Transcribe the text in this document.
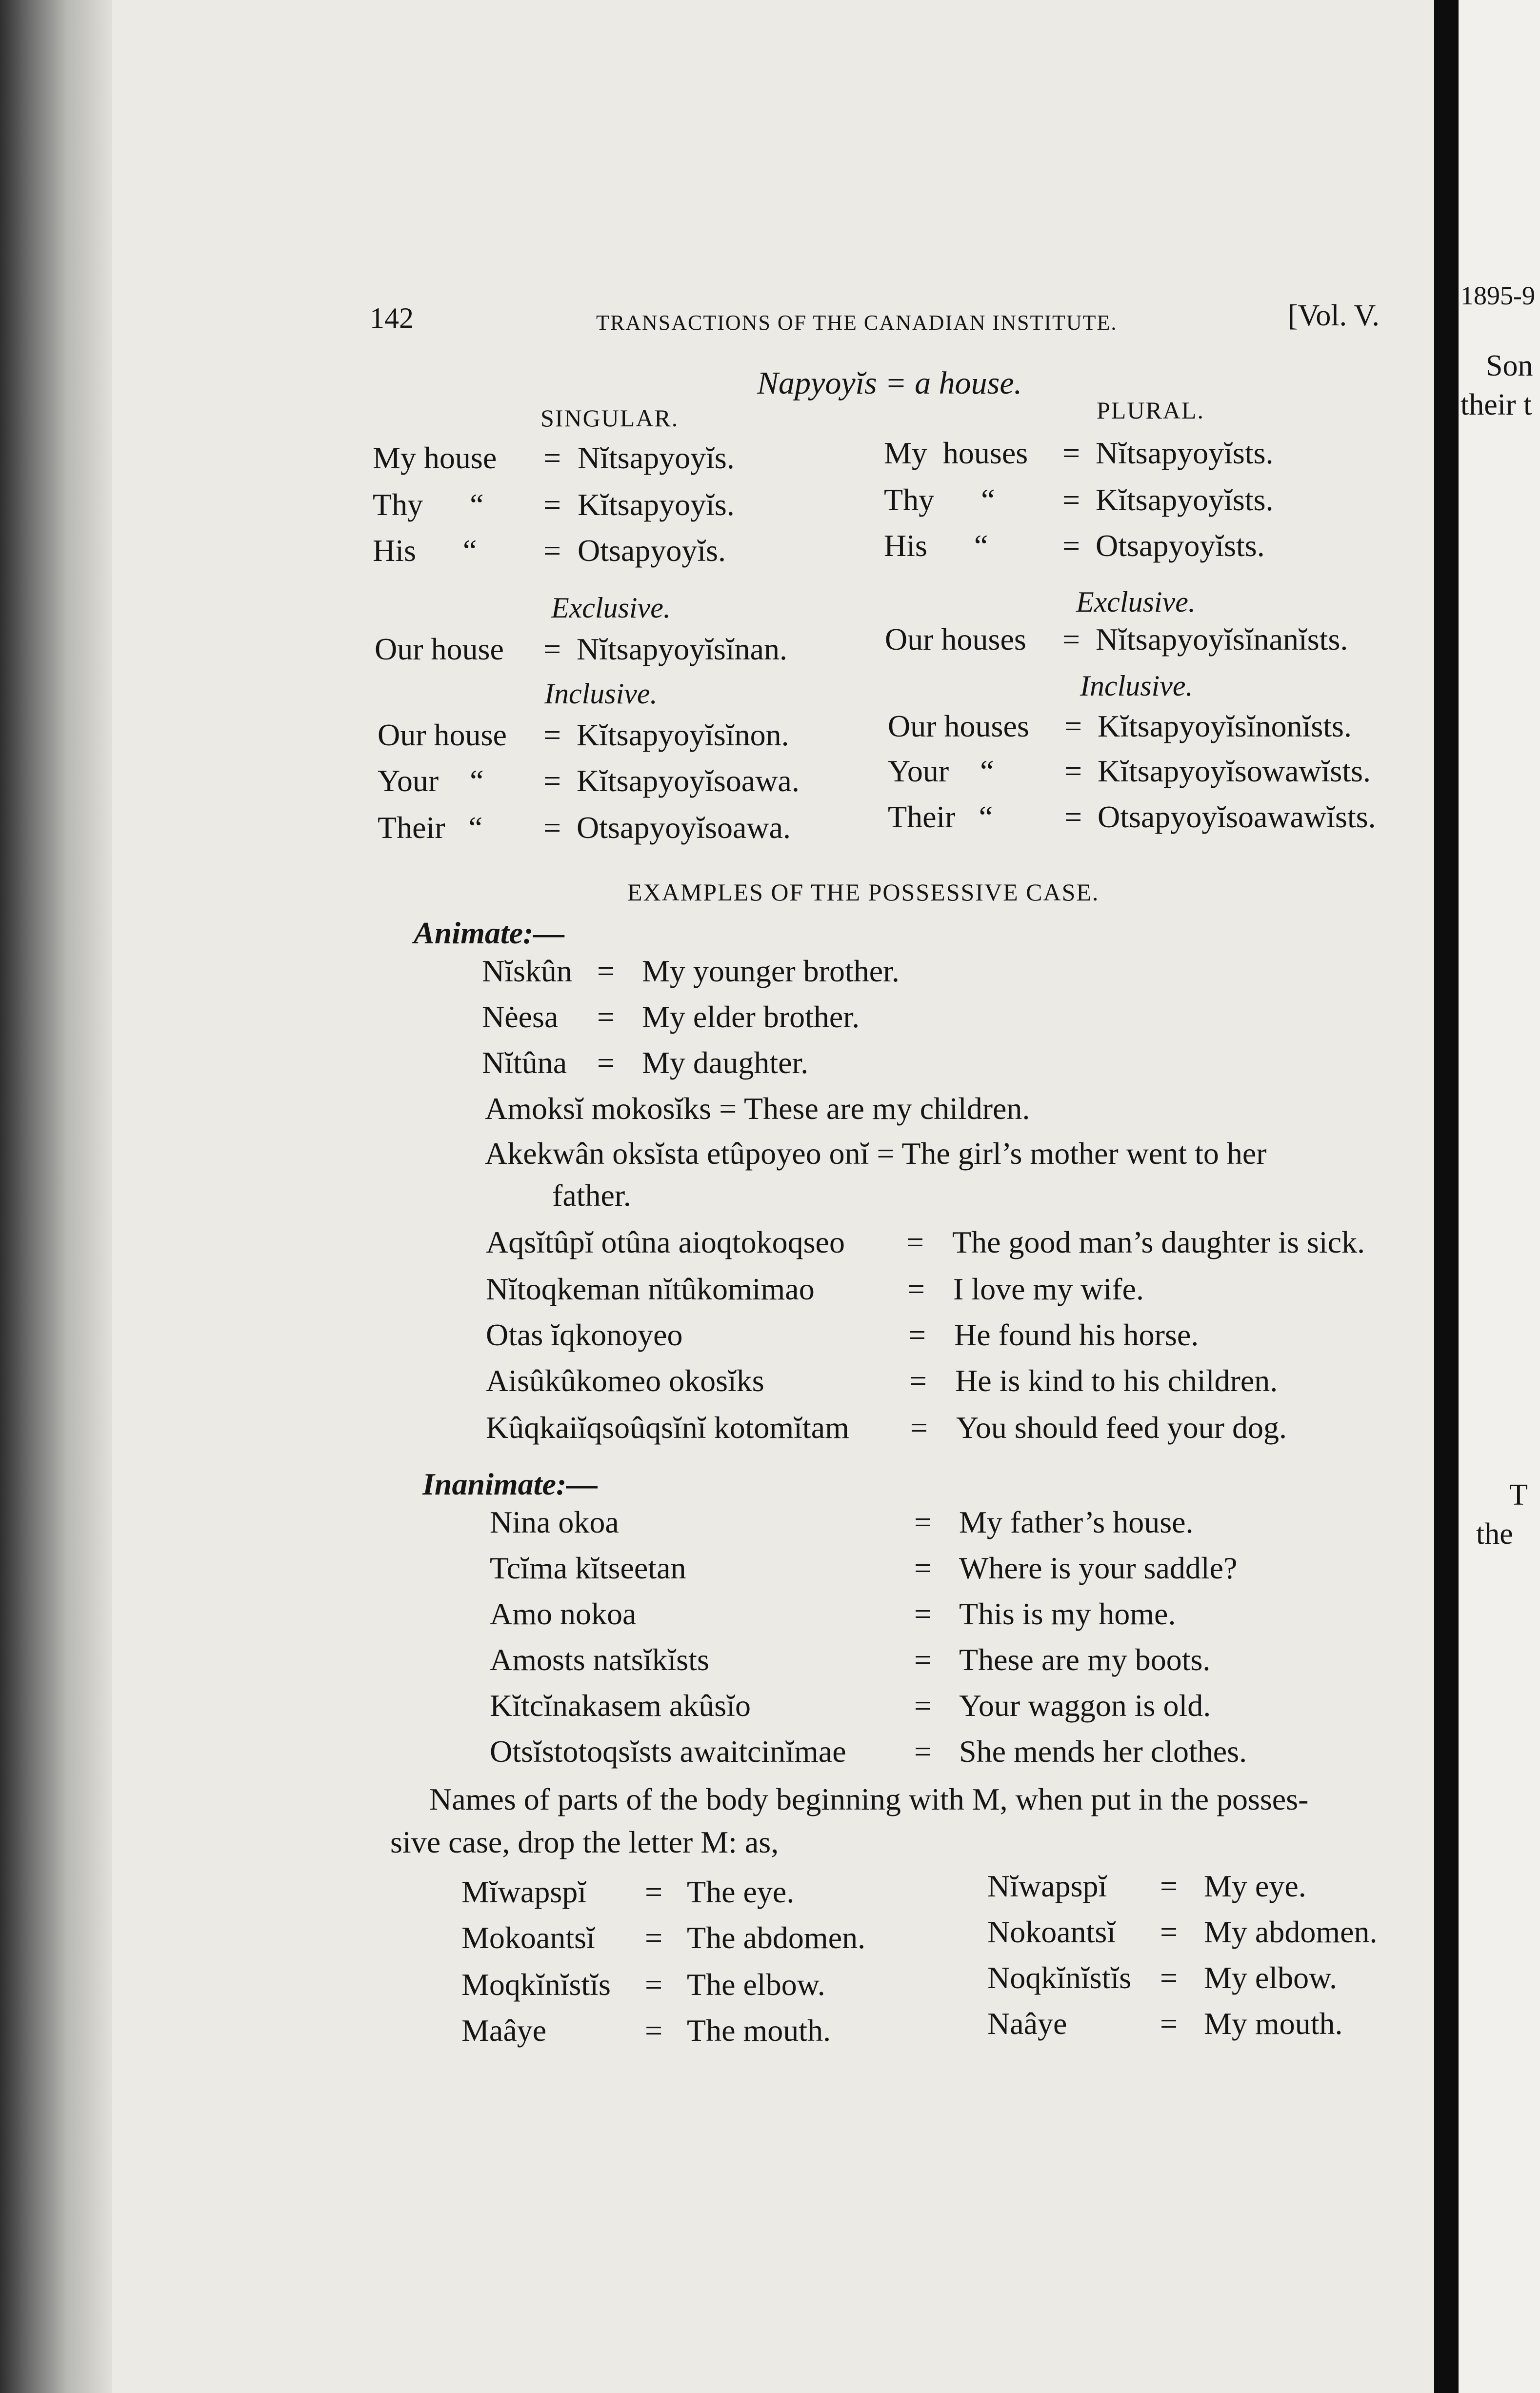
1895-9
Son
their t
T
the
142	TRANSACTIONS OF THE CANADIAN INSTITUTE.	[Vol. V.
Napyoyĭs = a house.
SINGULAR.
My house = Nĭtsapyoyĭs.
Thy      “ = Kĭtsapyoyĭs.
His      “ = Otsapyoyĭs.
Exclusive.
Our house = Nĭtsapyoyĭsĭnan.
Inclusive.
Our house = Kĭtsapyoyĭsĭnon.
Your    “ = Kĭtsapyoyĭsoawa.
Their   “ = Otsapyoyĭsoawa.
PLURAL.
My  houses = Nĭtsapyoyĭsts.
Thy      “ = Kĭtsapyoyĭsts.
His      “ = Otsapyoyĭsts.
Exclusive.
Our houses = Nĭtsapyoyĭsĭnanĭsts.
Inclusive.
Our houses = Kĭtsapyoyĭsĭnonĭsts.
Your    “ = Kĭtsapyoyĭsowawĭsts.
Their   “ = Otsapyoyĭsoawawĭsts.
EXAMPLES OF THE POSSESSIVE CASE.
Animate:—
Nĭskûn = My younger brother.
Nėesa = My elder brother.
Nĭtûna = My daughter.
Amoksĭ mokosĭks = These are my children.
Akekwân oksĭsta etûpoyeo onĭ = The girl’s mother went to her
father.
Aqsĭtûpĭ otûna aioqtokoqseo = The good man’s daughter is sick.
Nĭtoqkeman nĭtûkomimao	= I love my wife.
Otas ĭqkonoyeo	= He found his horse.
Aisûkûkomeo okosĭks	= He is kind to his children.
Kûqkaiĭqsoûqsĭnĭ kotomĭtam = You should feed your dog.
Inanimate:—
Nina okoa	= My father’s house.
Tcĭma kĭtseetan	= Where is your saddle?
Amo nokoa	= This is my home.
Amosts natsĭkĭsts	= These are my boots.
Kĭtcĭnakasem akûsĭo	= Your waggon is old.
Otsĭstotoqsĭsts awaitcinĭmae = She mends her clothes.
Names of parts of the body beginning with M, when put in the posses-
sive case, drop the letter M: as,
Mĭwapspĭ = The eye.
Mokoantsĭ = The abdomen.
Moqkĭnĭstĭs = The elbow.
Maâye	= The mouth.
Nĭwapspĭ = My eye.
Nokoantsĭ = My abdomen.
Noqkĭnĭstĭs = My elbow.
Naâye	= My mouth.
